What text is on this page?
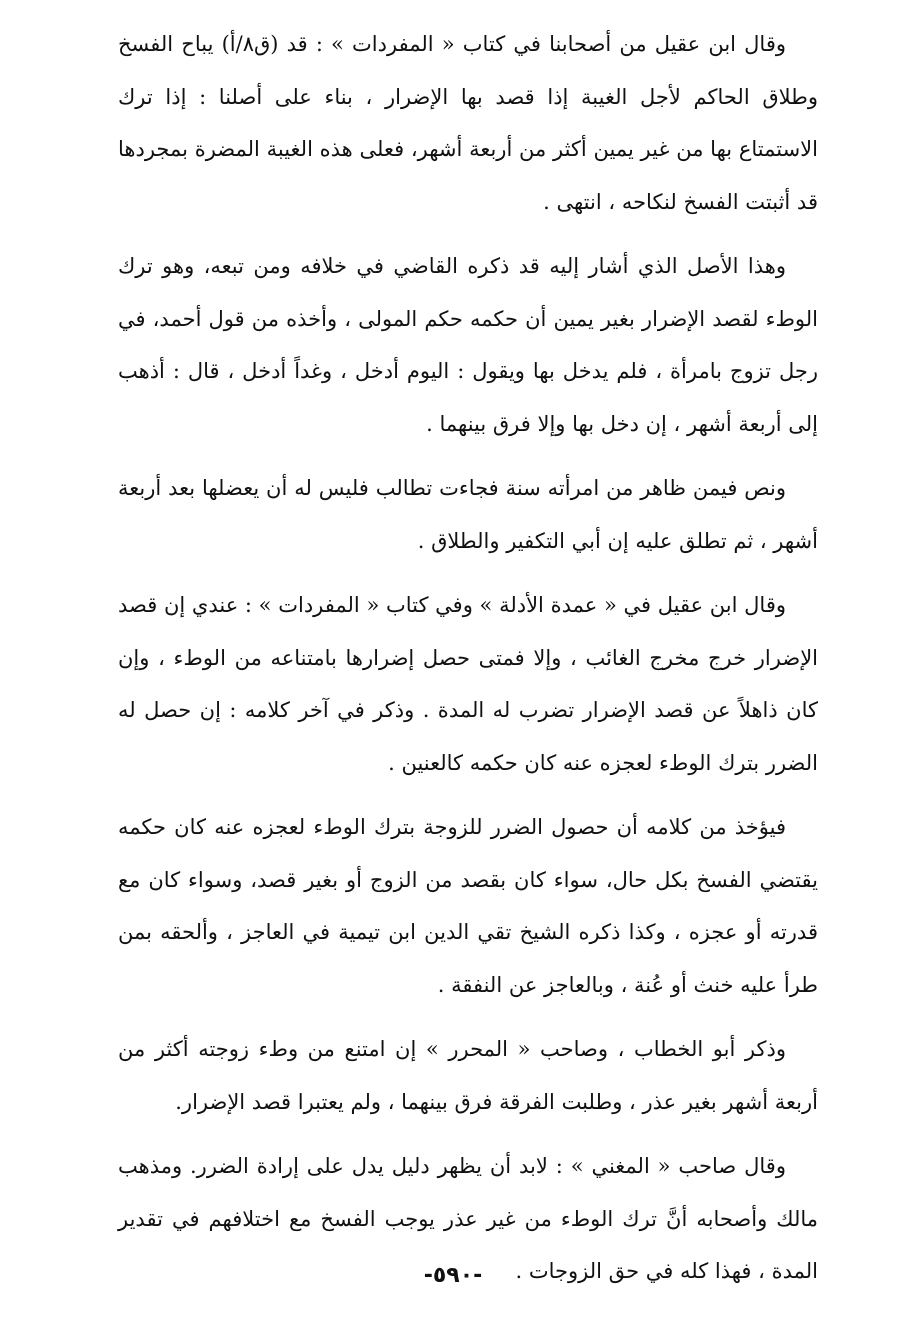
وقال ابن عقيل من أصحابنا في كتاب « المفردات » : قد (ق٨/أ) يباح الفسخ وطلاق الحاكم لأجل الغيبة إذا قصد بها الإضرار ، بناء على أصلنا : إذا ترك الاستمتاع بها من غير يمين أكثر من أربعة أشهر، فعلى هذه الغيبة المضرة بمجردها قد أثبتت الفسخ لنكاحه ، انتهى .

وهذا الأصل الذي أشار إليه قد ذكره القاضي في خلافه ومن تبعه، وهو ترك الوطء لقصد الإضرار بغير يمين أن حكمه حكم المولى ، وأخذه من قول أحمد، في رجل تزوج بامرأة ، فلم يدخل بها ويقول : اليوم أدخل ، وغداً أدخل ، قال : أذهب إلى أربعة أشهر ، إن دخل بها وإلا فرق بينهما .

ونص فيمن ظاهر من امرأته سنة فجاءت تطالب فليس له أن يعضلها بعد أربعة أشهر ، ثم تطلق عليه إن أبي التكفير والطلاق .

وقال ابن عقيل في « عمدة الأدلة » وفي كتاب « المفردات » : عندي إن قصد الإضرار خرج مخرج الغائب ، وإلا فمتى حصل إضرارها بامتناعه من الوطء ، وإن كان ذاهلاً عن قصد الإضرار تضرب له المدة . وذكر في آخر كلامه : إن حصل له الضرر بترك الوطء لعجزه عنه كان حكمه كالعنين .

فيؤخذ من كلامه أن حصول الضرر للزوجة بترك الوطء لعجزه عنه كان حكمه يقتضي الفسخ بكل حال، سواء كان بقصد من الزوج أو بغير قصد، وسواء كان مع قدرته أو عجزه ، وكذا ذكره الشيخ تقي الدين ابن تيمية في العاجز ، وألحقه بمن طرأ عليه خنث أو عُنة ، وبالعاجز عن النفقة .

وذكر أبو الخطاب ، وصاحب « المحرر » إن امتنع من وطء زوجته أكثر من أربعة أشهر بغير عذر ، وطلبت الفرقة فرق بينهما ، ولم يعتبرا قصد الإضرار.

وقال صاحب « المغني » : لابد أن يظهر دليل يدل على إرادة الضرر. ومذهب مالك وأصحابه أنَّ ترك الوطء من غير عذر يوجب الفسخ مع اختلافهم في تقدير المدة ، فهذا كله في حق الزوجات .

-٥٩٠-
